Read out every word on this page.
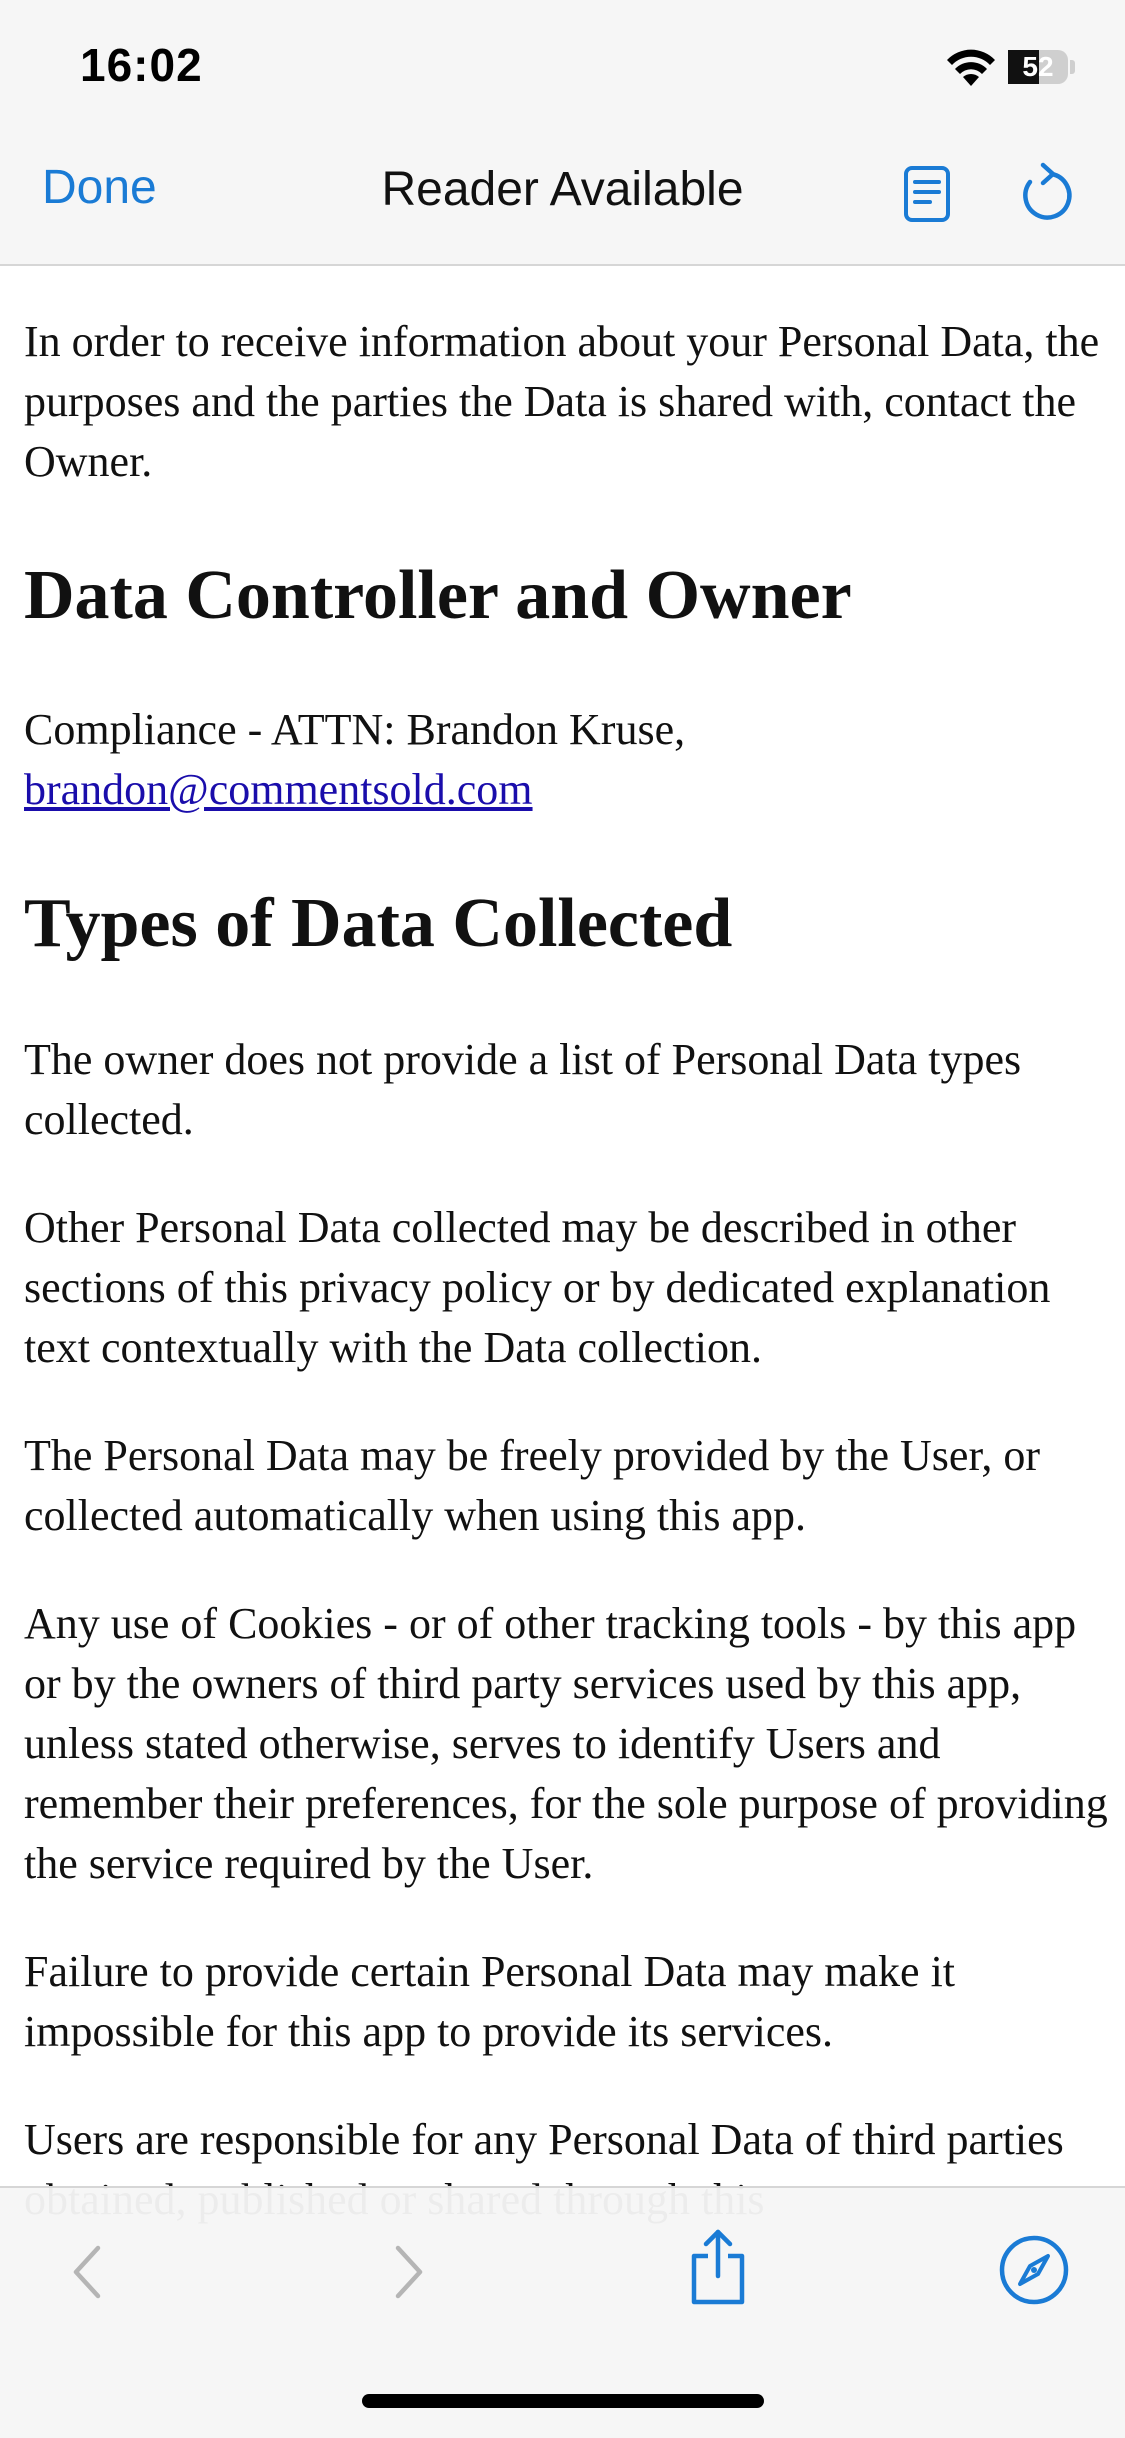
16:02	52
Done	Reader Available

In order to receive information about your Personal Data, the purposes and the parties the Data is shared with, contact the Owner.

Data Controller and Owner

Compliance - ATTN: Brandon Kruse,
brandon@commentsold.com

Types of Data Collected

The owner does not provide a list of Personal Data types collected.

Other Personal Data collected may be described in other sections of this privacy policy or by dedicated explanation text contextually with the Data collection.

The Personal Data may be freely provided by the User, or collected automatically when using this app.

Any use of Cookies - or of other tracking tools - by this app or by the owners of third party services used by this app, unless stated otherwise, serves to identify Users and remember their preferences, for the sole purpose of providing the service required by the User.

Failure to provide certain Personal Data may make it impossible for this app to provide its services.

Users are responsible for any Personal Data of third parties
